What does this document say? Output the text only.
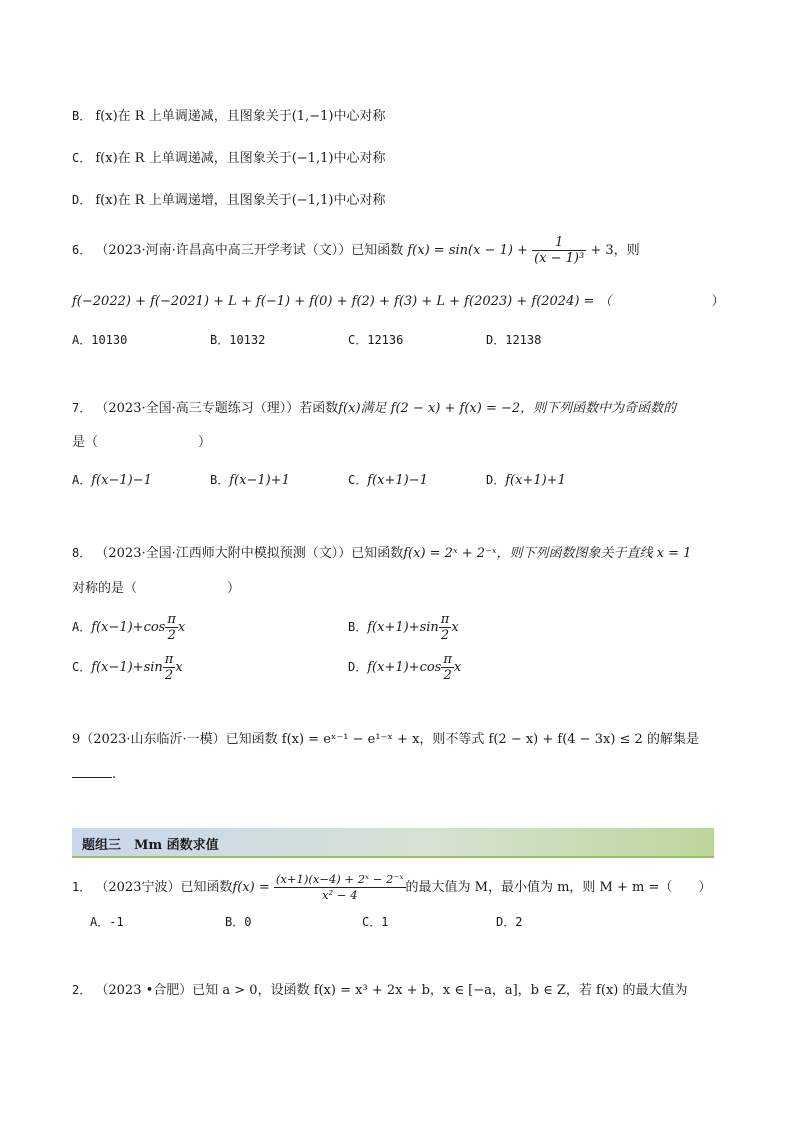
B． f(x)在 R 上单调递减，且图象关于(1,−1)中心对称
C． f(x)在 R 上单调递减，且图象关于(−1,1)中心对称
D． f(x)在 R 上单调递增，且图象关于(−1,1)中心对称
6． （2023·河南·许昌高中高三开学考试（文））已知函数 $f(x) = \sin(x - 1) + \frac{1}{\text{(x − 1)³}} + 3$，则
f(−2022) + f(−2021) + L + f(−1) + f(0) + f(2) + f(3) + L + f(2023) + f(2024) = （	）
A．10130	B．10132	C．12136	D．12138
7． （2023·全国·高三专题练习（理））若函数f(x)满足 f(2 − x) + f(x) = −2，则下列函数中为奇函数的
是（	）
A．f(x−1)−1	B．f(x−1)+1	C．f(x+1)−1	D．f(x+1)+1
8． （2023·全国·江西师大附中模拟预测（文））已知函数f(x) = 2ˣ + 2⁻ˣ，则下列函数图象关于直线 x = 1
对称的是（	）
A．$f(x-1)+\cos \frac{\pi}{2}$ x	B．$f(x+1)+\sin \frac{\pi}{2}$ x
C．$f(x-1)+\sin \frac{\pi}{2}$ x	D．$f(x+1)+\cos \frac{\pi}{2}$ x
9（2023·山东临沂·一模）已知函数 f(x) = eˣ⁻¹ − e¹⁻ˣ + x，则不等式 f(2 − x) + f(4 − 3x) ≤ 2 的解集是
.
题组三　Mm 函数求值
1． （2023宁波）已知函数$f(x) = \frac{\text{(x+1)(x−4) + 2ˣ − 2⁻ˣ}}{\text{x² − 4}}$ 的最大值为 M，最小值为 m，则 M + m =（　　）
A．-1	B．0	C．1	D．2
2． （2023 •合肥）已知 a > 0，设函数 f(x) = x³ + 2x + b，x ∈ [−a，a]，b ∈ Z，若 f(x) 的最大值为
